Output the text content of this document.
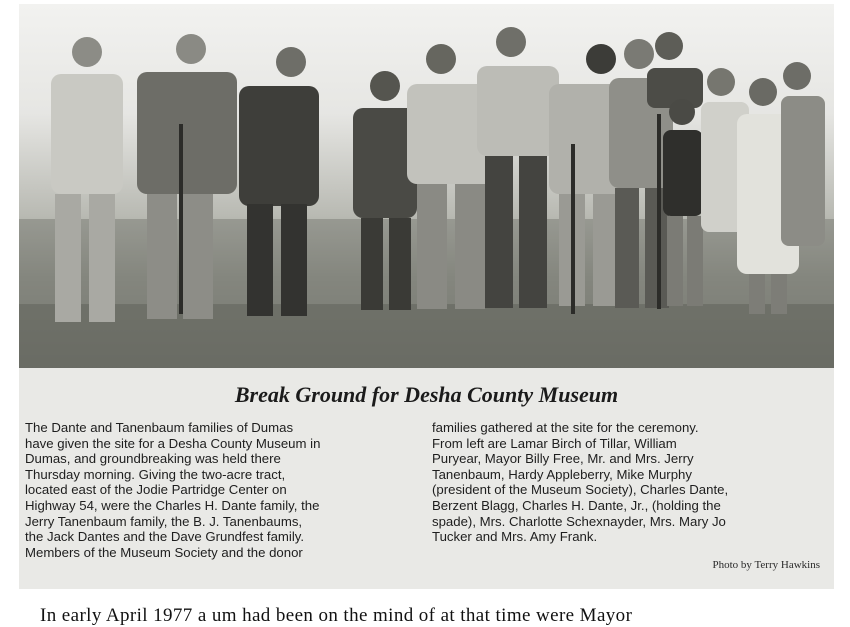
Break Ground for Desha County Museum
The Dante and Tanenbaum families of Dumas
have given the site for a Desha County Museum in
Dumas, and groundbreaking was held there
Thursday morning. Giving the two-acre tract,
located east of the Jodie Partridge Center on
Highway 54, were the Charles H. Dante family, the
Jerry Tanenbaum family, the B. J. Tanenbaums,
the Jack Dantes and the Dave Grundfest family.
Members of the Museum Society and the donor
families gathered at the site for the ceremony.
From left are Lamar Birch of Tillar, William
Puryear, Mayor Billy Free, Mr. and Mrs. Jerry
Tanenbaum, Hardy Appleberry, Mike Murphy
(president of the Museum Society), Charles Dante,
Berzent Blagg, Charles H. Dante, Jr., (holding the
spade), Mrs. Charlotte Schexnayder, Mrs. Mary Jo
Tucker and Mrs. Amy Frank.
Photo by Terry Hawkins
In early April 1977 a um had been on the mind of at that time were Mayor
